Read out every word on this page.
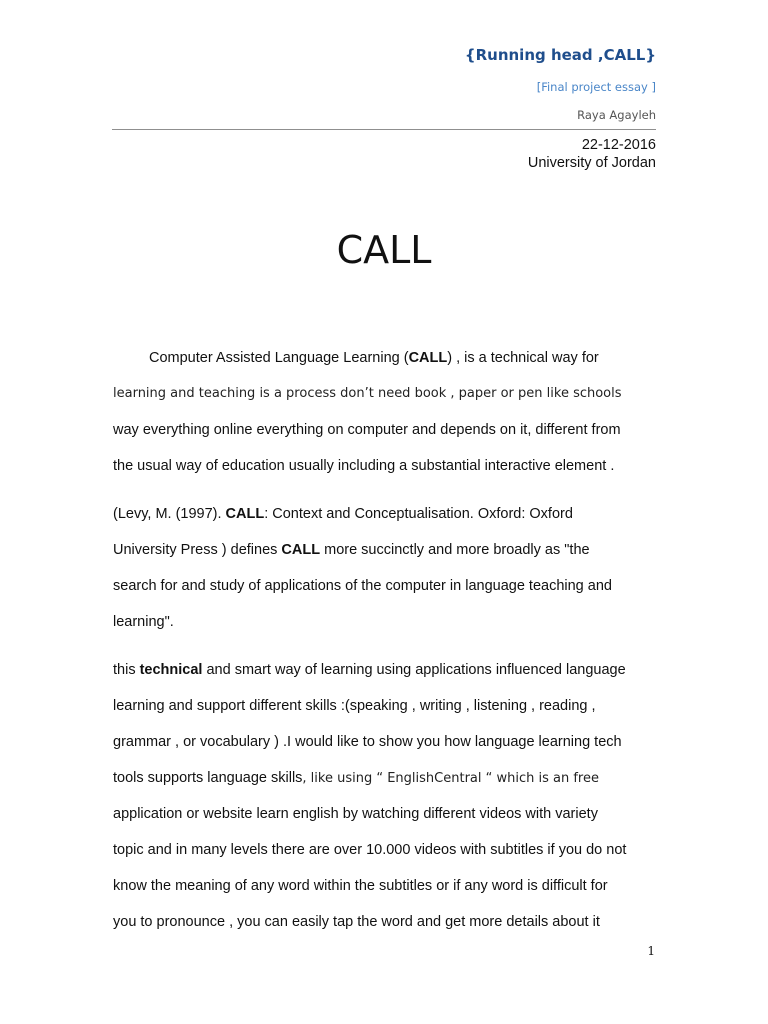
{Running head ,CALL}
[Final project essay ]
Raya Agayleh
22-12-2016
University of Jordan
CALL
Computer Assisted Language Learning (CALL) , is a technical way for
learning and teaching is a process don’t need book , paper or pen like schools
way everything online everything on computer and depends on it, different from
the usual way of education usually including a substantial interactive element .
(Levy, M. (1997). CALL: Context and Conceptualisation. Oxford: Oxford
University Press ) defines CALL more succinctly and more broadly as "the
search for and study of applications of the computer in language teaching and
learning".
this technical and smart way of learning using applications influenced language
learning and support different skills :(speaking , writing , listening , reading ,
grammar , or vocabulary ) .I would like to show you how language learning tech
tools supports language skills, like using “ EnglishCentral “ which is an free
application or website learn english by watching different videos with variety
topic and in many levels there are over 10.000 videos with subtitles if you do not
know the meaning of any word within the subtitles or if any word is difficult for
you to pronounce , you can easily tap the word and get more details about it
1
